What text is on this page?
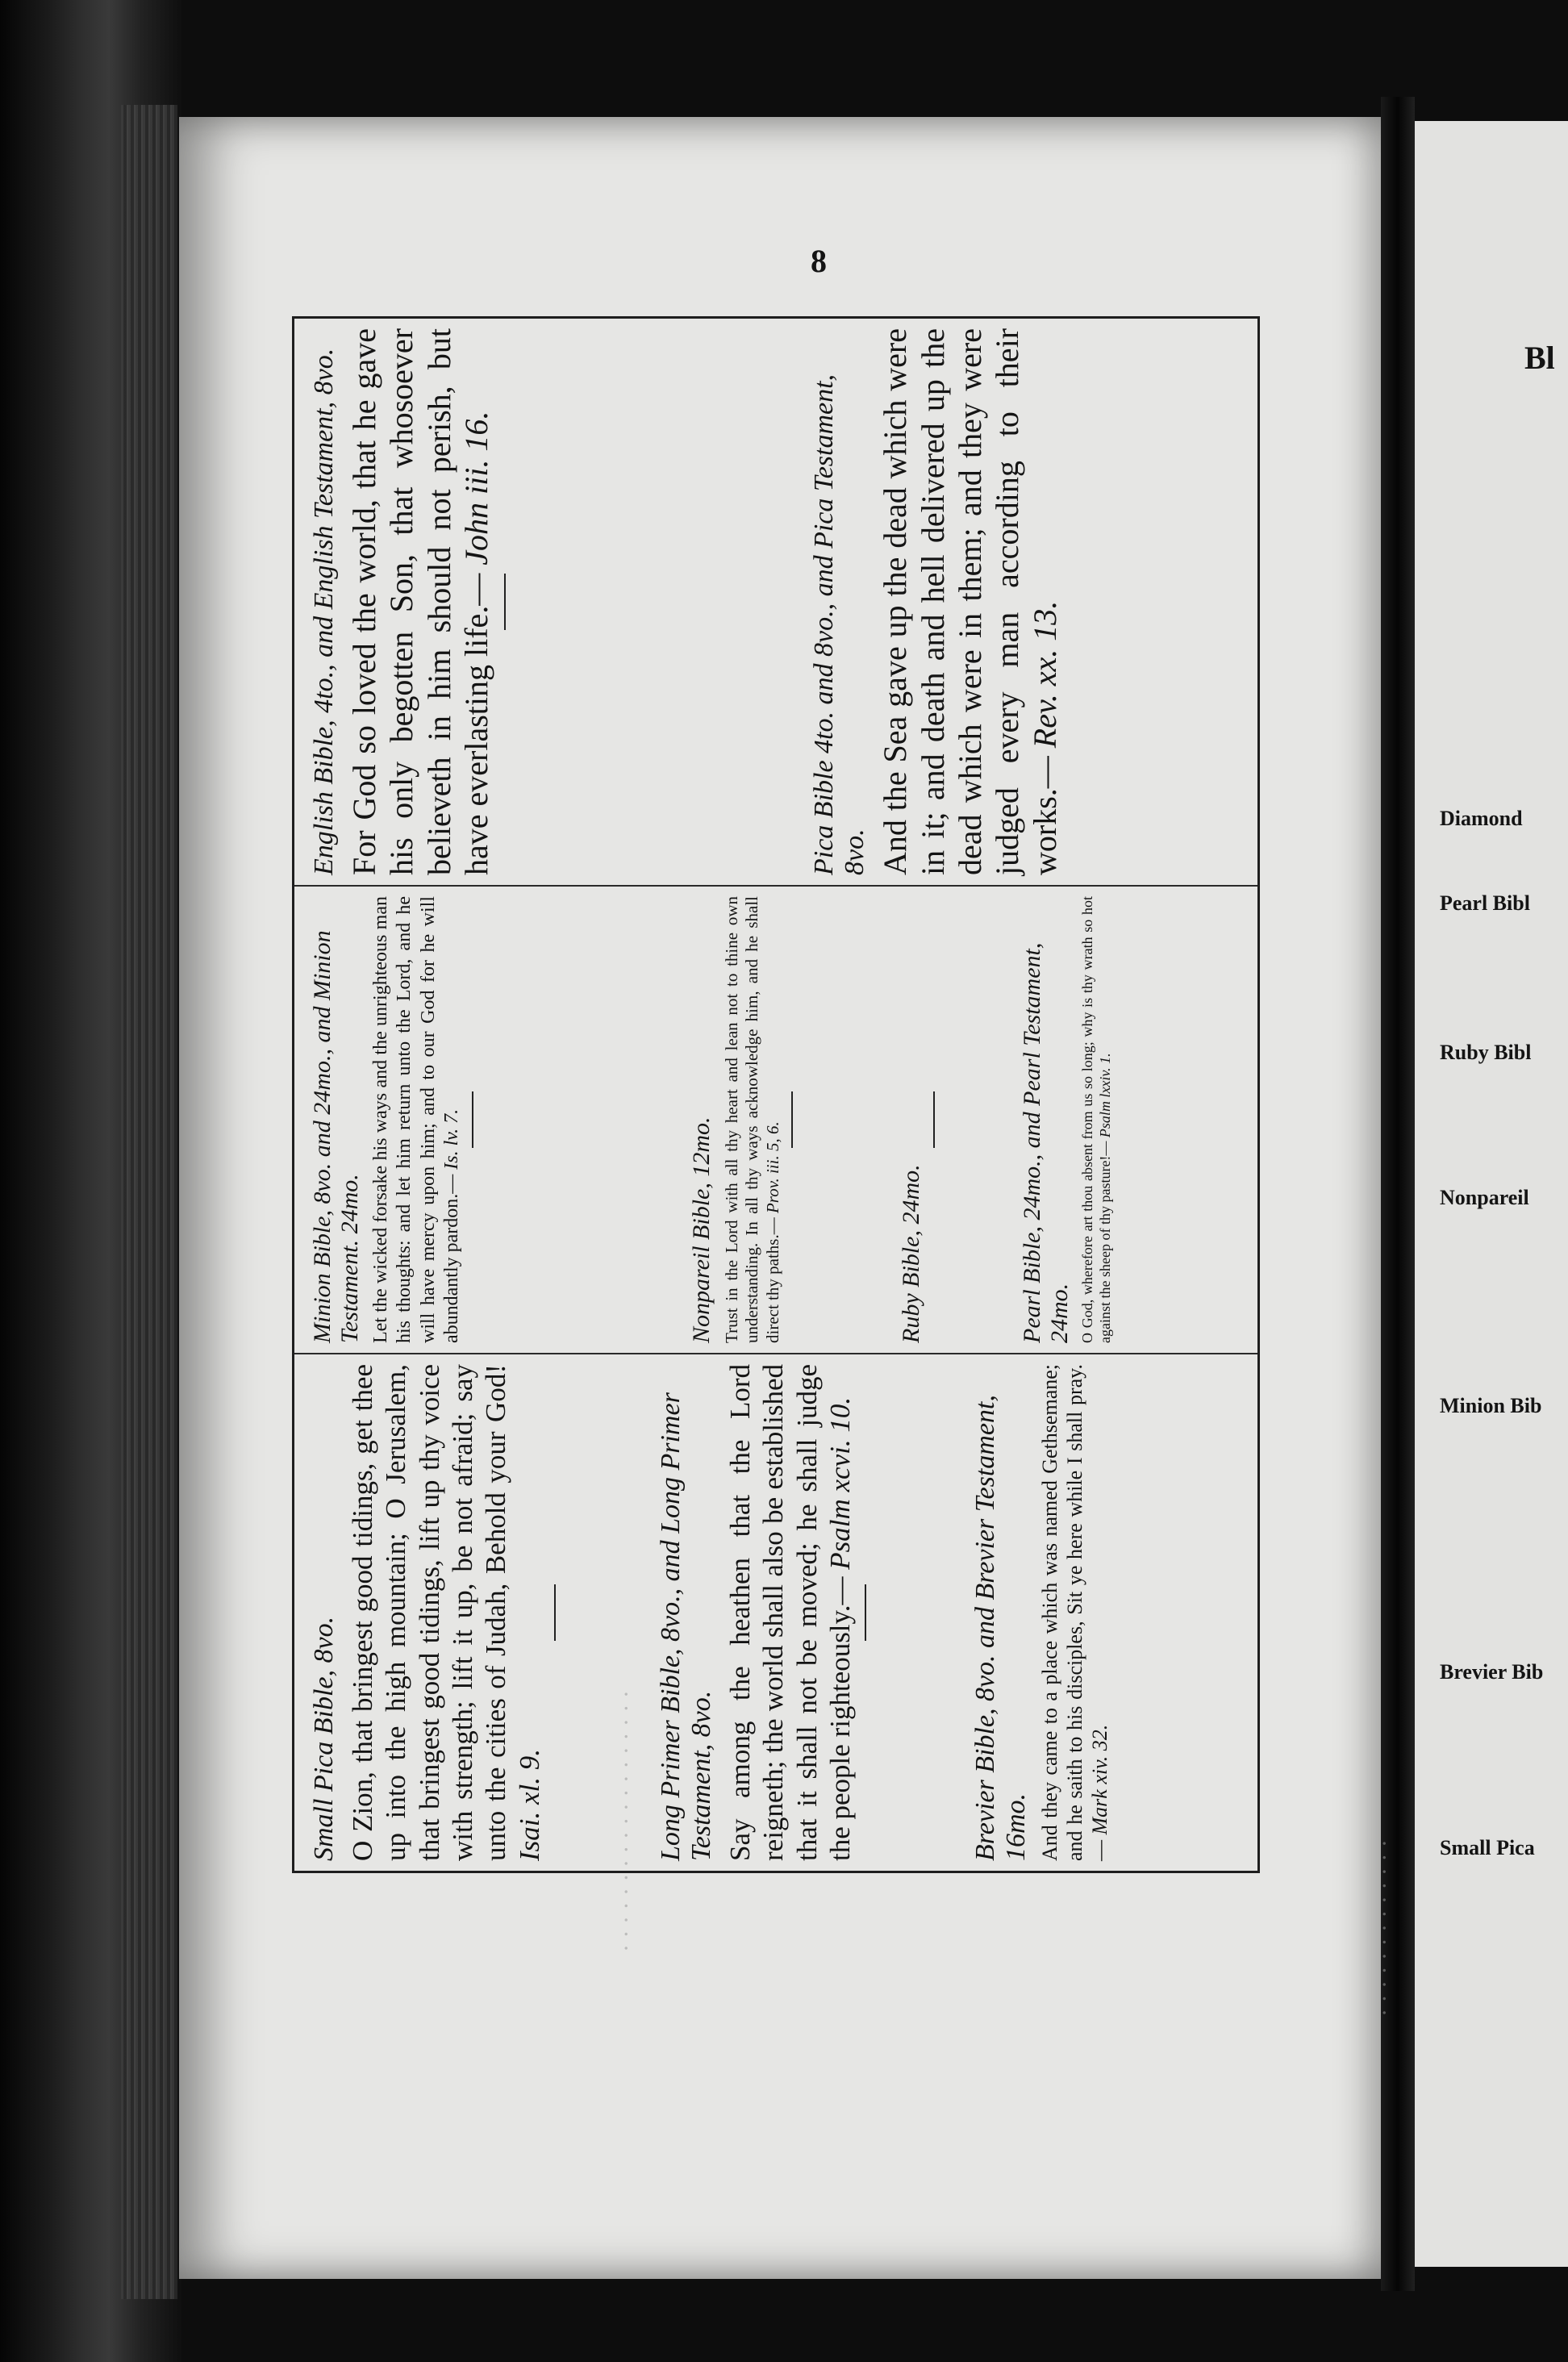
· · · · · · · · · · · · · · · · · · ·	· · · · · · · · · · · · ·
8
Small Pica Bible, 8vo. O Zion, that bringest good tidings, get thee up into the high mountain; O Jerusalem, that bringest good tidings, lift up thy voice with strength; lift it up, be not afraid; say unto the cities of Judah, Behold your God! Isai. xl. 9.	Long Primer Bible, 8vo., and Long Primer Testament, 8vo. Say among the heathen that the Lord reigneth; the world shall also be established that it shall not be moved; he shall judge the people righteously.— Psalm xcvi. 10.	Brevier Bible, 8vo. and Brevier Testament, 16mo. And they came to a place which was named Gethsemane; and he saith to his disciples, Sit ye here while I shall pray.— Mark xiv. 32.
Minion Bible, 8vo. and 24mo., and Minion Testament. 24mo. Let the wicked forsake his ways and the unrighteous man his thoughts: and let him return unto the Lord, and he will have mercy upon him; and to our God for he will abundantly pardon.— Is. lv. 7.	Nonpareil Bible, 12mo. Trust in the Lord with all thy heart and lean not to thine own understanding. In all thy ways acknowledge him, and he shall direct thy paths.— Prov. iii. 5, 6.	Ruby Bible, 24mo.	Pearl Bible, 24mo., and Pearl Testament, 24mo. O God, wherefore art thou absent from us so long; why is thy wrath so hot against the sheep of thy pasture!— Psalm lxxiv. 1.
English Bible, 4to., and English Testament, 8vo. For God so loved the world, that he gave his only begotten Son, that whosoever believeth in him should not perish, but have everlasting life.— John iii. 16.	Pica Bible 4to. and 8vo., and Pica Testament, 8vo. And the Sea gave up the dead which were in it; and death and hell delivered up the dead which were in them; and they were judged every man according to their works.— Rev. xx. 13.
Bl
Diamond
Pearl Bibl
Ruby Bibl
Nonpareil
Minion Bib
Brevier Bib
Small Pica
